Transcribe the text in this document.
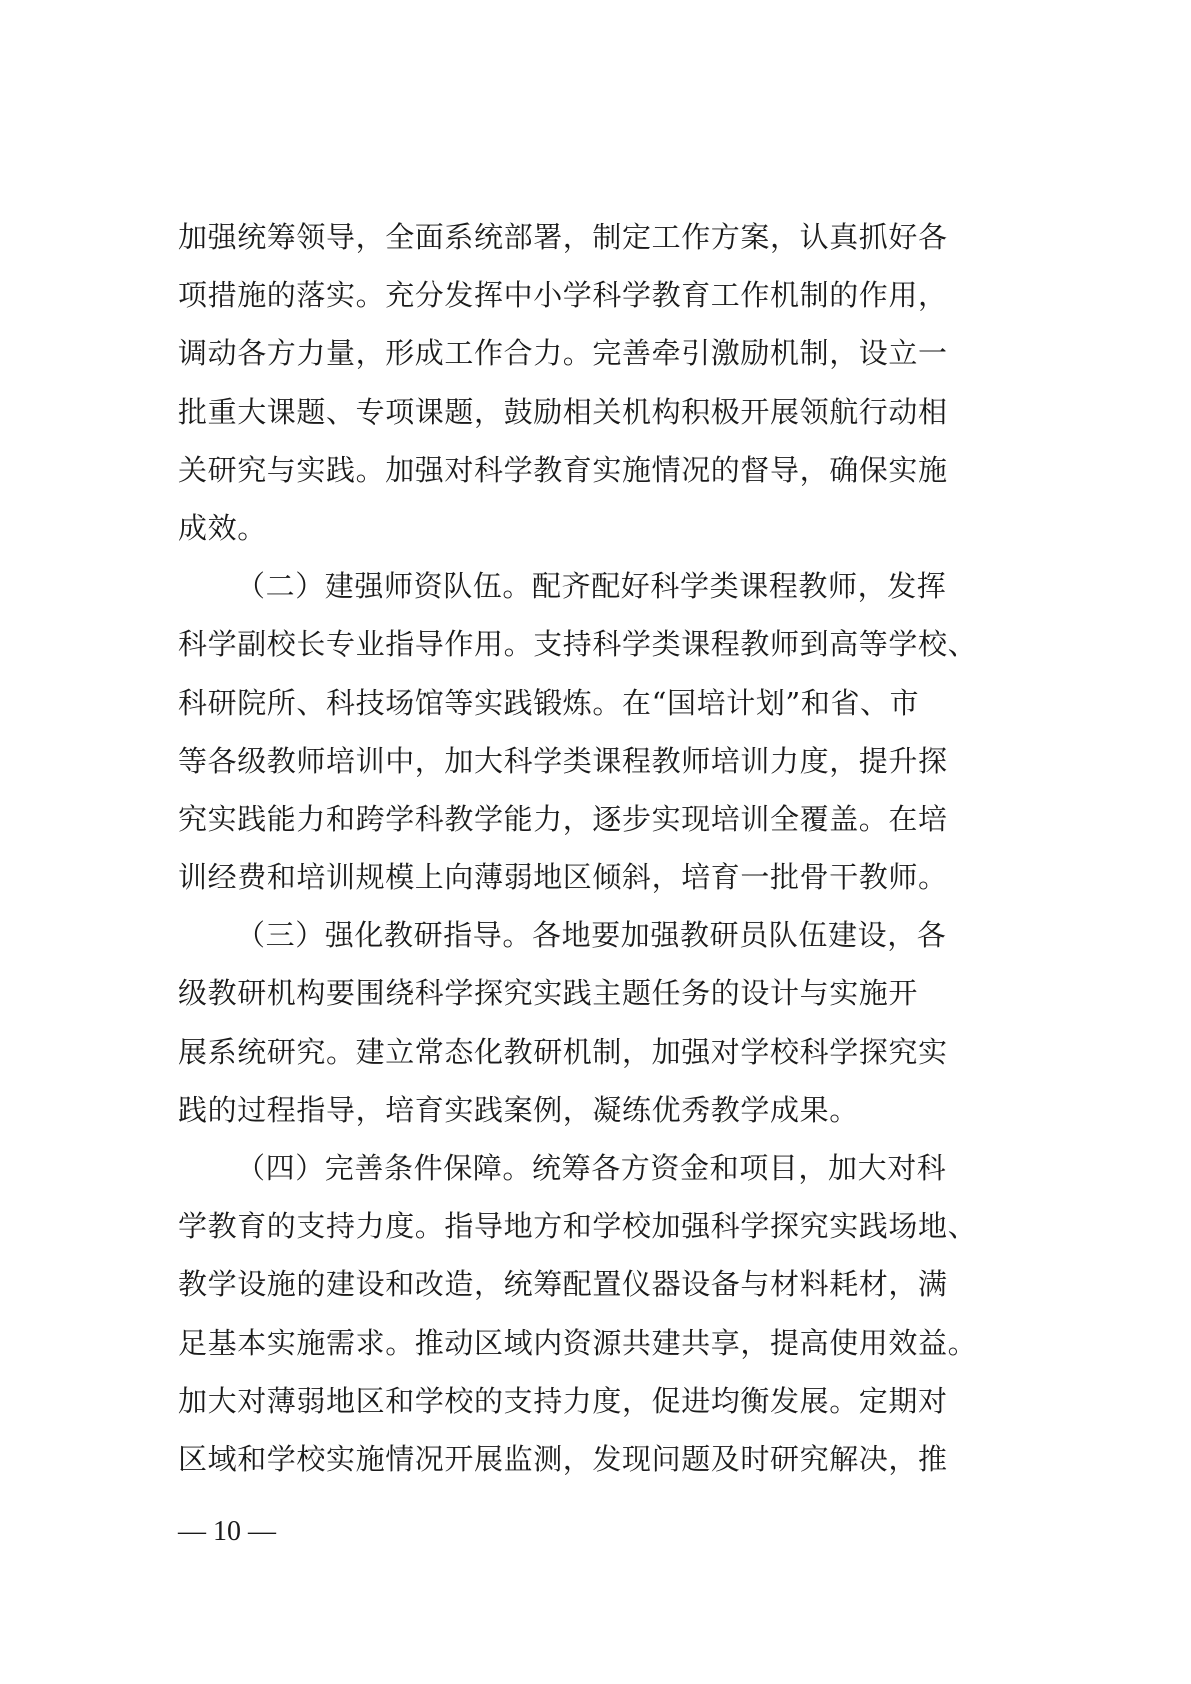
加强统筹领导，全面系统部署，制定工作方案，认真抓好各
项措施的落实。充分发挥中小学科学教育工作机制的作用，
调动各方力量，形成工作合力。完善牵引激励机制，设立一
批重大课题、专项课题，鼓励相关机构积极开展领航行动相
关研究与实践。加强对科学教育实施情况的督导，确保实施
成效。
（二）建强师资队伍。配齐配好科学类课程教师，发挥
科学副校长专业指导作用。支持科学类课程教师到高等学校、
科研院所、科技场馆等实践锻炼。在“国培计划”和省、市
等各级教师培训中，加大科学类课程教师培训力度，提升探
究实践能力和跨学科教学能力，逐步实现培训全覆盖。在培
训经费和培训规模上向薄弱地区倾斜，培育一批骨干教师。
（三）强化教研指导。各地要加强教研员队伍建设，各
级教研机构要围绕科学探究实践主题任务的设计与实施开
展系统研究。建立常态化教研机制，加强对学校科学探究实
践的过程指导，培育实践案例，凝练优秀教学成果。
（四）完善条件保障。统筹各方资金和项目，加大对科
学教育的支持力度。指导地方和学校加强科学探究实践场地、
教学设施的建设和改造，统筹配置仪器设备与材料耗材，满
足基本实施需求。推动区域内资源共建共享，提高使用效益。
加大对薄弱地区和学校的支持力度，促进均衡发展。定期对
区域和学校实施情况开展监测，发现问题及时研究解决，推
— 10 —
